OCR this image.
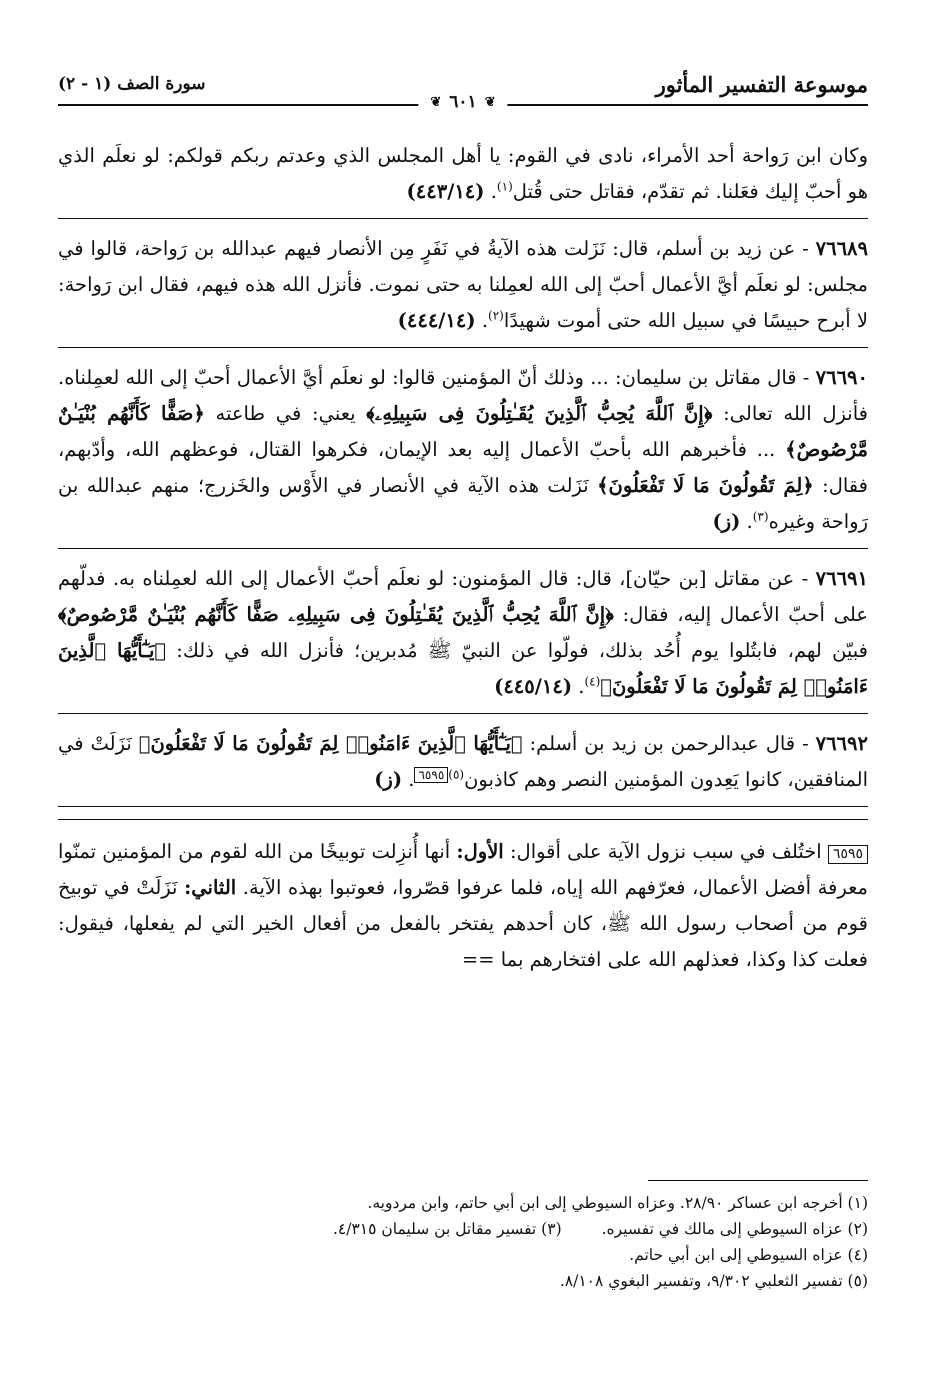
موسوعة التفسير المأثور
سورة الصف (١ - ٢)
❦
٦٠١
❦
وكان ابن رَواحة أحد الأمراء، نادى في القوم: يا أهل المجلس الذي وعدتم ربكم قولكم: لو نعلَم الذي هو أحبّ إليك فعَلنا. ثم تقدّم، فقاتل حتى قُتل$^{(١)}$. (٤٤٣/١٤)
٧٦٦٨٩ - عن زيد بن أسلم، قال: نَزَلت هذه الآيةُ في نَفَرٍ مِن الأنصار فيهم عبدالله بن رَواحة، قالوا في مجلس: لو نعلَم أيَّ الأعمال أحبّ إلى الله لعمِلنا به حتى نموت. فأنزل الله هذه فيهم، فقال ابن رَواحة: لا أبرح حبيسًا في سبيل الله حتى أموت شهيدًا$^{(٢)}$. (٤٤٤/١٤)
٧٦٦٩٠ - قال مقاتل بن سليمان: ... وذلك أنّ المؤمنين قالوا: لو نعلَم أيَّ الأعمال أحبّ إلى الله لعمِلناه. فأنزل الله تعالى: ﴿إِنَّ ٱللَّهَ يُحِبُّ ٱلَّذِينَ يُقَـٰتِلُونَ فِى سَبِيلِهِۦ﴾ يعني: في طاعته ﴿صَفًّا كَأَنَّهُم بُنْيَـٰنٌ مَّرْصُوصٌ﴾ ... فأخبرهم الله بأحبّ الأعمال إليه بعد الإيمان، فكرهوا القتال، فوعظهم الله، وأدّبهم، فقال: ﴿لِمَ تَقُولُونَ مَا لَا تَفْعَلُونَ﴾ نَزَلت هذه الآية في الأنصار في الأَوْس والخَزرج؛ منهم عبدالله بن رَواحة وغيره$^{(٣)}$. (ز)
٧٦٦٩١ - عن مقاتل [بن حيّان]، قال: قال المؤمنون: لو نعلَم أحبّ الأعمال إلى الله لعمِلناه به. فدلّهم على أحبّ الأعمال إليه، فقال: ﴿إِنَّ ٱللَّهَ يُحِبُّ ٱلَّذِينَ يُقَـٰتِلُونَ فِى سَبِيلِهِۦ صَفًّا كَأَنَّهُم بُنْيَـٰنٌ مَّرْصُوصٌ﴾ فبيّن لهم، فابتُلوا يوم أُحُد بذلك، فولّوا عن النبيّ ﷺ مُدبرين؛ فأنزل الله في ذلك: ﴿يَـٰٓأَيُّهَا ٱلَّذِينَ ءَامَنُوا۟ لِمَ تَقُولُونَ مَا لَا تَفْعَلُونَ﴾$^{(٤)}$. (٤٤٥/١٤)
٧٦٦٩٢ - قال عبدالرحمن بن زيد بن أسلم: ﴿يَـٰٓأَيُّهَا ٱلَّذِينَ ءَامَنُوا۟ لِمَ تَقُولُونَ مَا لَا تَفْعَلُونَ﴾ نَزَلَتْ في المنافقين، كانوا يَعِدون المؤمنين النصر وهم كاذبون$^{(٥)}$٦٥٩٥. (ز)
٦٥٩٥ اختُلف في سبب نزول الآية على أقوال: الأول: أنها أُنزِلت توبيخًا من الله لقوم من المؤمنين تمنّوا معرفة أفضل الأعمال، فعرّفهم الله إياه، فلما عرفوا قصّروا، فعوتبوا بهذه الآية. الثاني: نَزَلَتْ في توبيخ قوم من أصحاب رسول الله ﷺ، كان أحدهم يفتخر بالفعل من أفعال الخير التي لم يفعلها، فيقول: فعلت كذا وكذا، فعذلهم الله على افتخارهم بما ==
(١) أخرجه ابن عساكر ٢٨/٩٠. وعزاه السيوطي إلى ابن أبي حاتم، وابن مردويه.
(٢) عزاه السيوطي إلى مالك في تفسيره.
(٣) تفسير مقاتل بن سليمان ٤/٣١٥.
(٤) عزاه السيوطي إلى ابن أبي حاتم.
(٥) تفسير الثعلبي ٩/٣٠٢، وتفسير البغوي ٨/١٠٨.
